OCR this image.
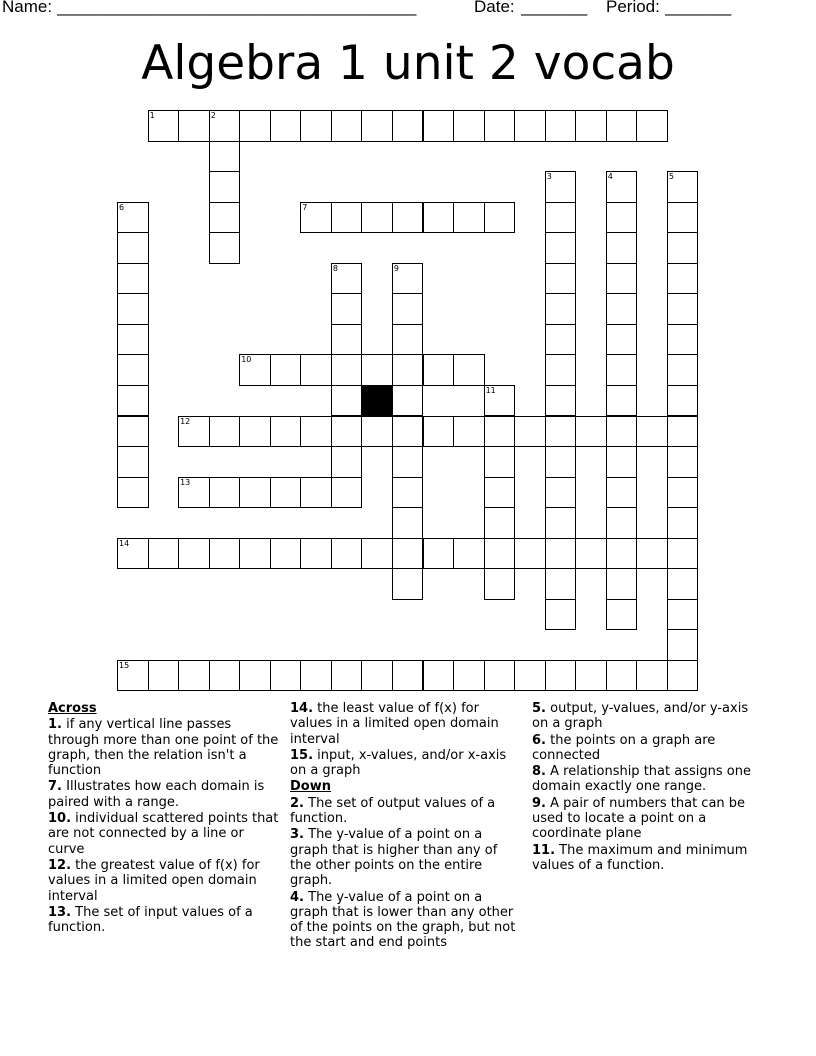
Name: ______________________________________	Date: _______ Period: _______
Algebra 1 unit 2 vocab
1	2
7
3	4	5
6
8	9
10
11
12
13
14
15
Across
1. if any vertical line passes through more than one point of the graph, then the relation isn't a function
7. Illustrates how each domain is paired with a range.
10. individual scattered points that are not connected by a line or curve
12. the greatest value of f(x) for values in a limited open domain interval
13. The set of input values of a function.
14. the least value of f(x) for values in a limited open domain interval
15. input, x-values, and/or x-axis on a graph
Down
2. The set of output values of a function.
3. The y-value of a point on a graph that is higher than any of the other points on the entire graph.
4. The y-value of a point on a graph that is lower than any other of the points on the graph, but not the start and end points
5. output, y-values, and/or y-axis on a graph
6. the points on a graph are connected
8. A relationship that assigns one domain exactly one range.
9. A pair of numbers that can be used to locate a point on a coordinate plane
11. The maximum and minimum values of a function.
